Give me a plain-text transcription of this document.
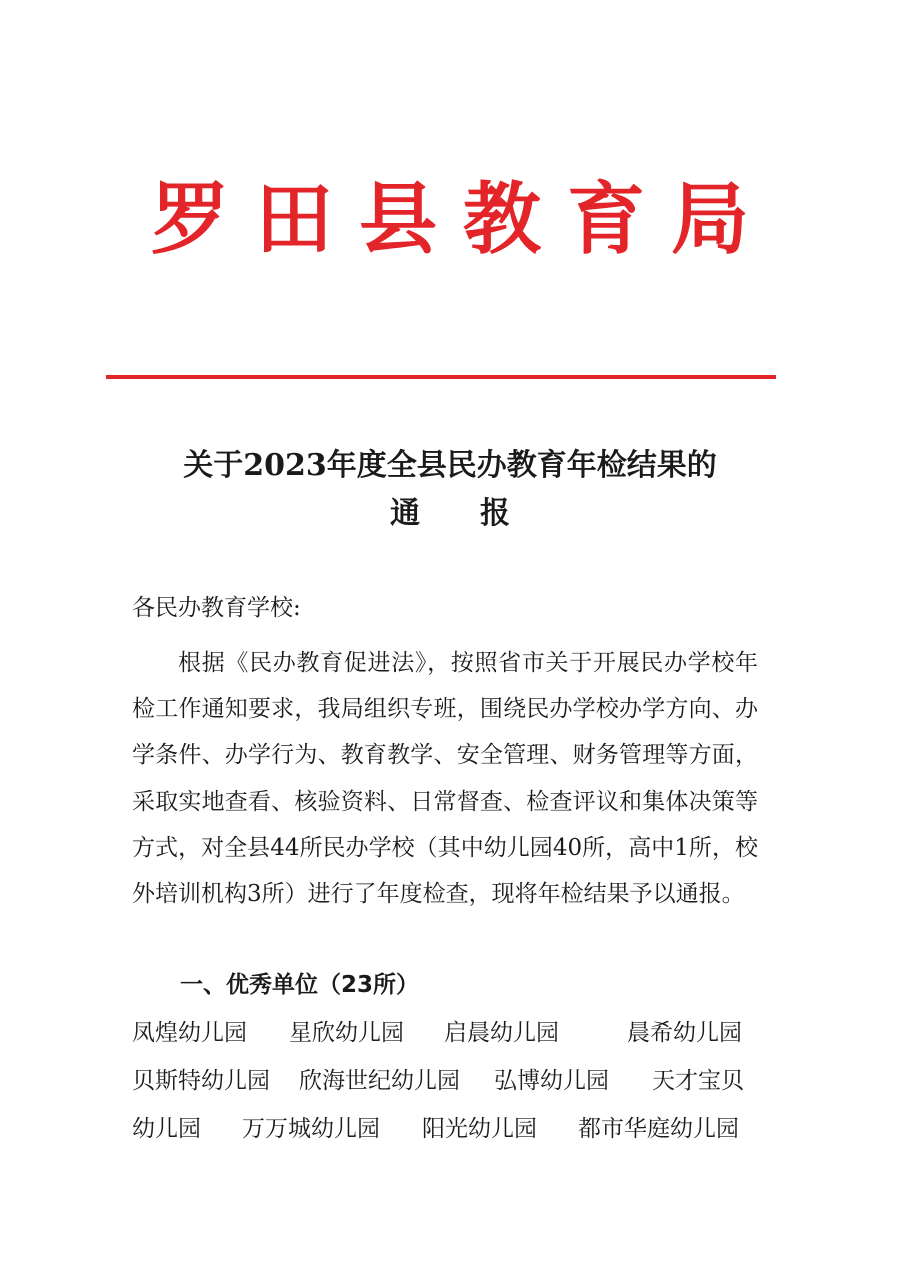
罗田县教育局
关于2023年度全县民办教育年检结果的
通报
各民办教育学校:

根据《民办教育促进法》，按照省市关于开展民办学校年检工作通知要求，我局组织专班，围绕民办学校办学方向、办学条件、办学行为、教育教学、安全管理、财务管理等方面，采取实地查看、核验资料、日常督查、检查评议和集体决策等方式，对全县44所民办学校（其中幼儿园40所，高中1所，校外培训机构3所）进行了年度检查，现将年检结果予以通报。

一、优秀单位（23所）
凤煌幼儿园 星欣幼儿园 启晨幼儿园	晨希幼儿园
贝斯特幼儿园 欣海世纪幼儿园 弘博幼儿园 天才宝贝
幼儿园 万万城幼儿园 阳光幼儿园 都市华庭幼儿园
